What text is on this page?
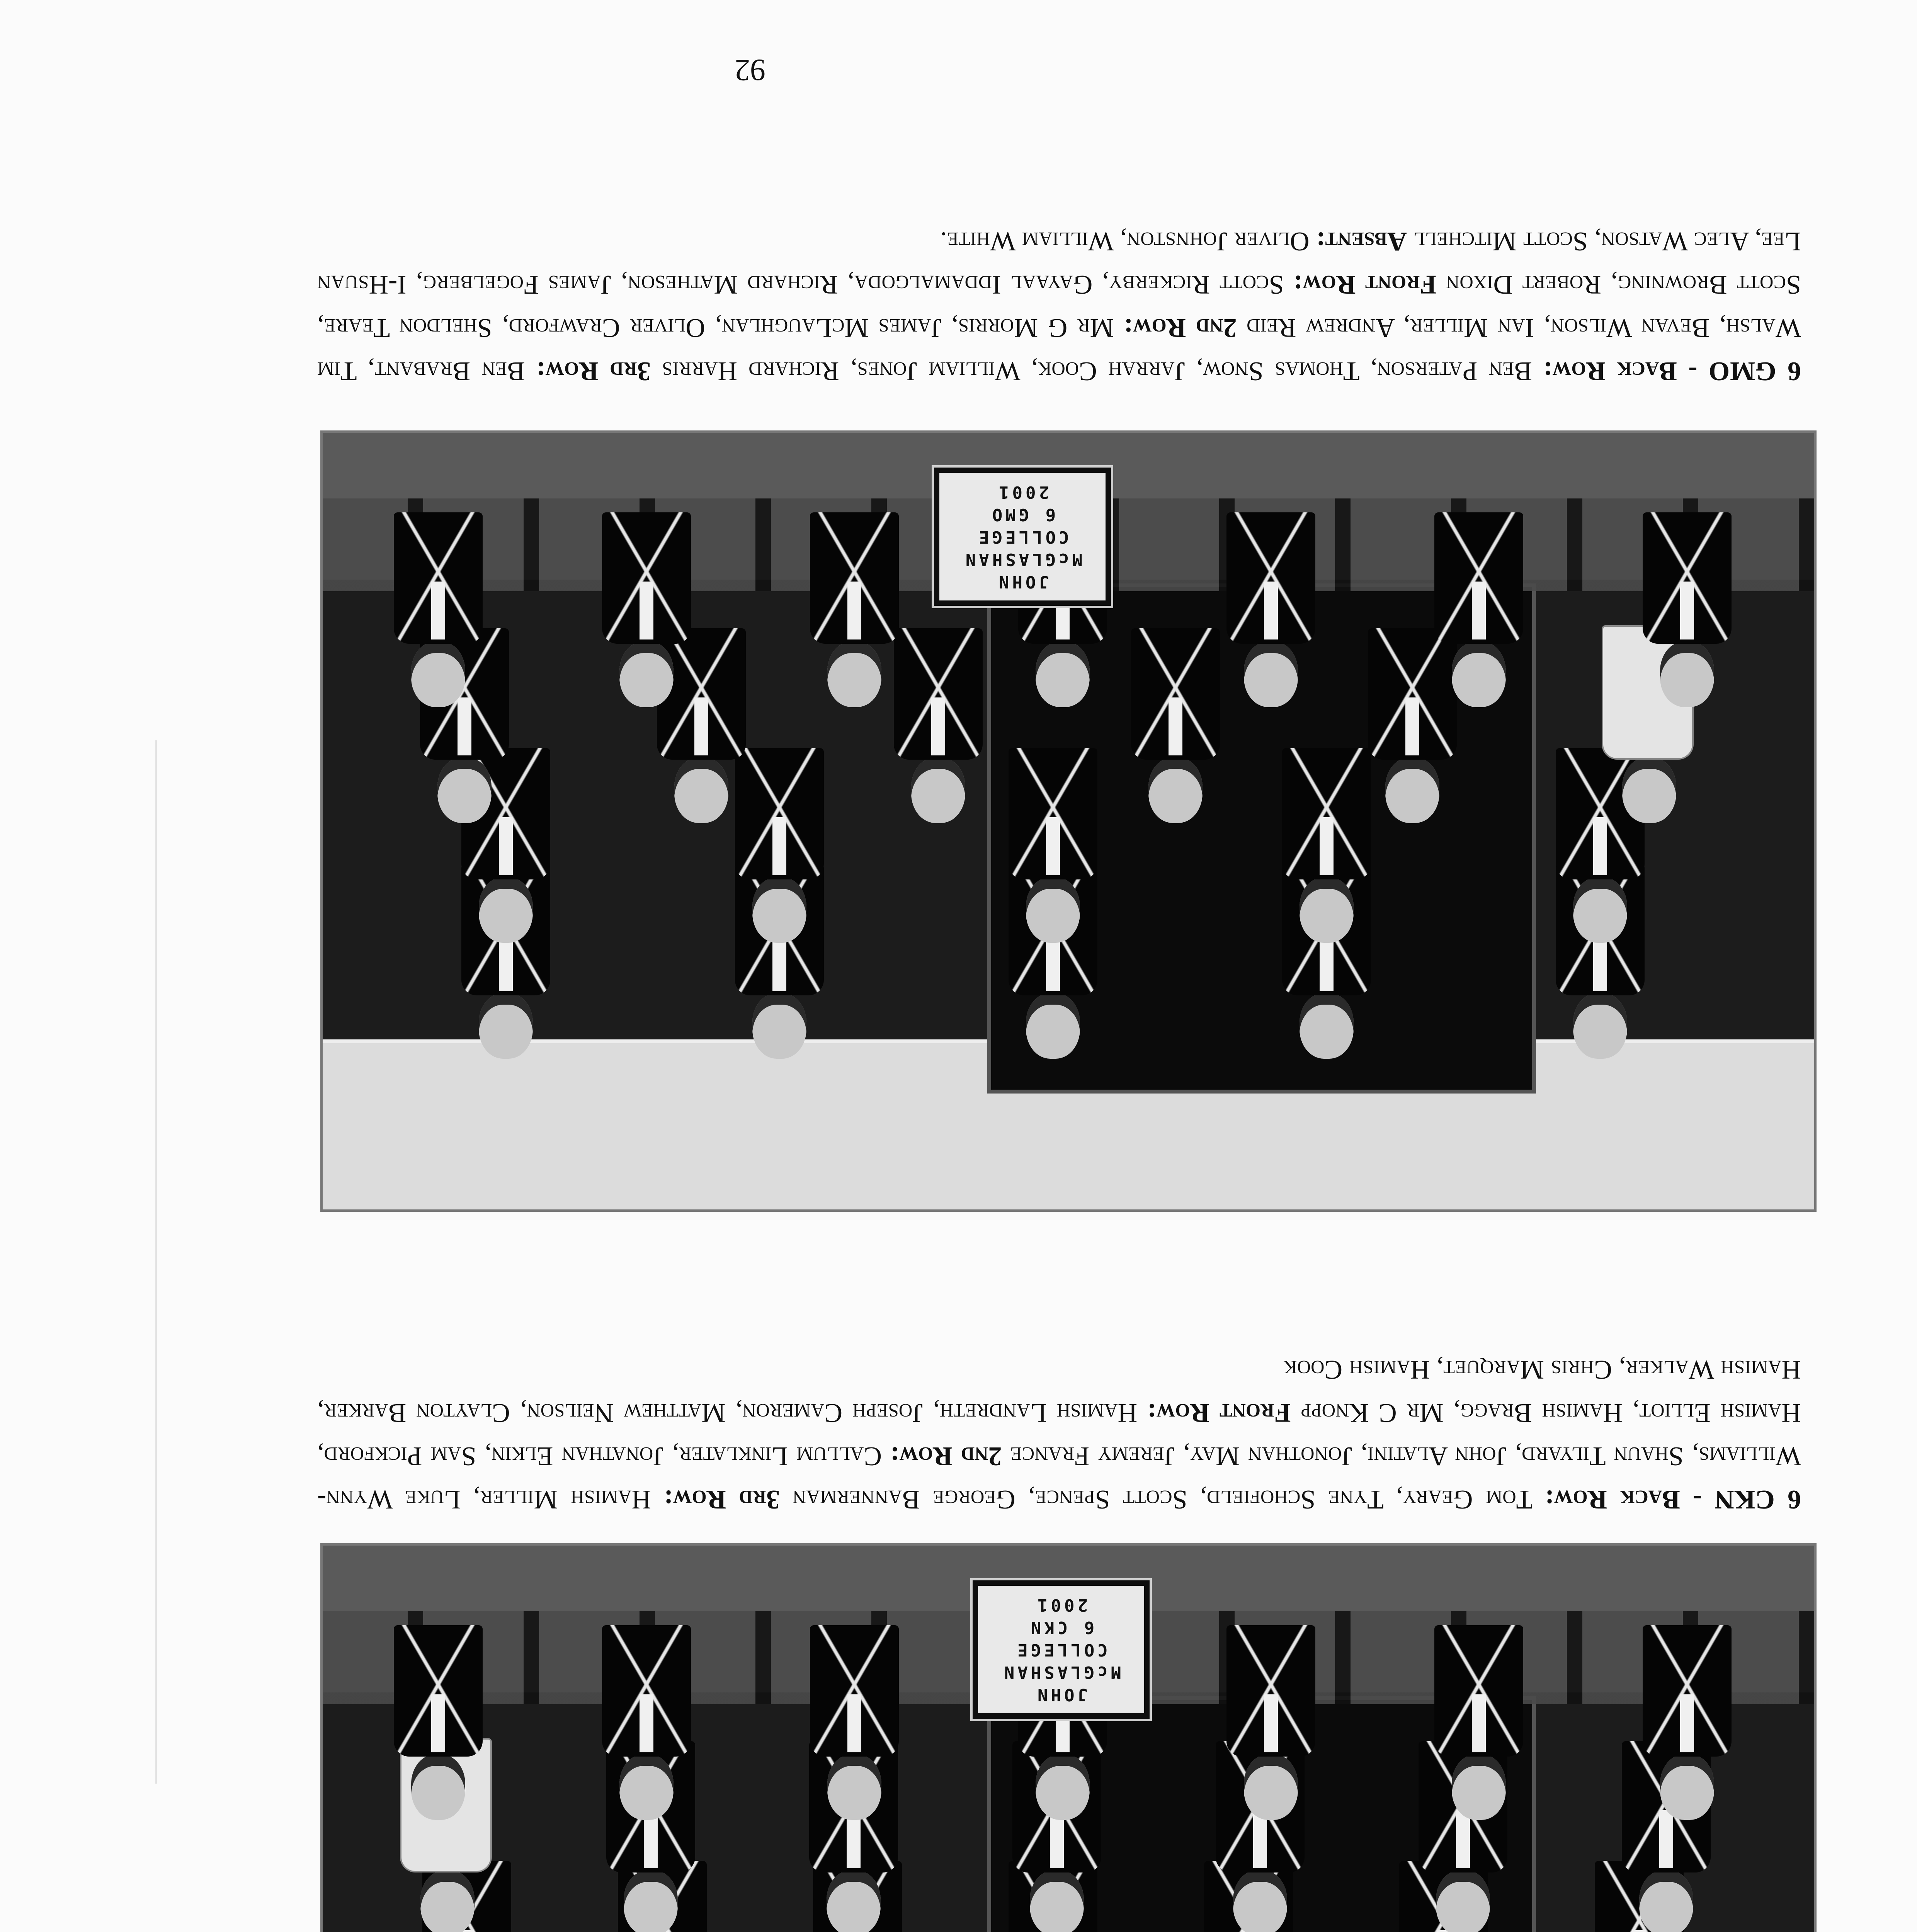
JOHN
McGLASHAN
COLLEGE
6 CKN
2001
6 CKN - Back Row: Tom Geary, Tyne Schofield, Scott Spence, George Bannerman 3rd Row: Hamish Miller, Luke Wynn-Williams, Shaun Tilyard, John Alatini, Jonothan May, Jeremy France 2nd Row: Callum Linklater, Jonathan Elkin, Sam Pickford, Hamish Elliot, Hamish Bragg, Mr C Knopp Front Row: Hamish Landreth, Joseph Cameron, Matthew Neilson, Clayton Barker, Hamish Walker, Chris Marquet, Hamish Cook
JOHN
McGLASHAN
COLLEGE
6 GMO
2001
6 GMO - Back Row: Ben Paterson, Thomas Snow, Jarrah Cook, William Jones, Richard Harris 3rd Row: Ben Brabant, Tim Walsh, Bevan Wilson, Ian Miller, Andrew Reid 2nd Row: Mr G Morris, James McLaughlan, Oliver Crawford, Sheldon Teare, Scott Browning, Robert Dixon Front Row: Scott Rickerby, Gayaal Iddamalgoda, Richard Matheson, James Fogelberg, I-Hsuan Lee, Alec Watson, Scott Mitchell Absent: Oliver Johnston, William White.
92
